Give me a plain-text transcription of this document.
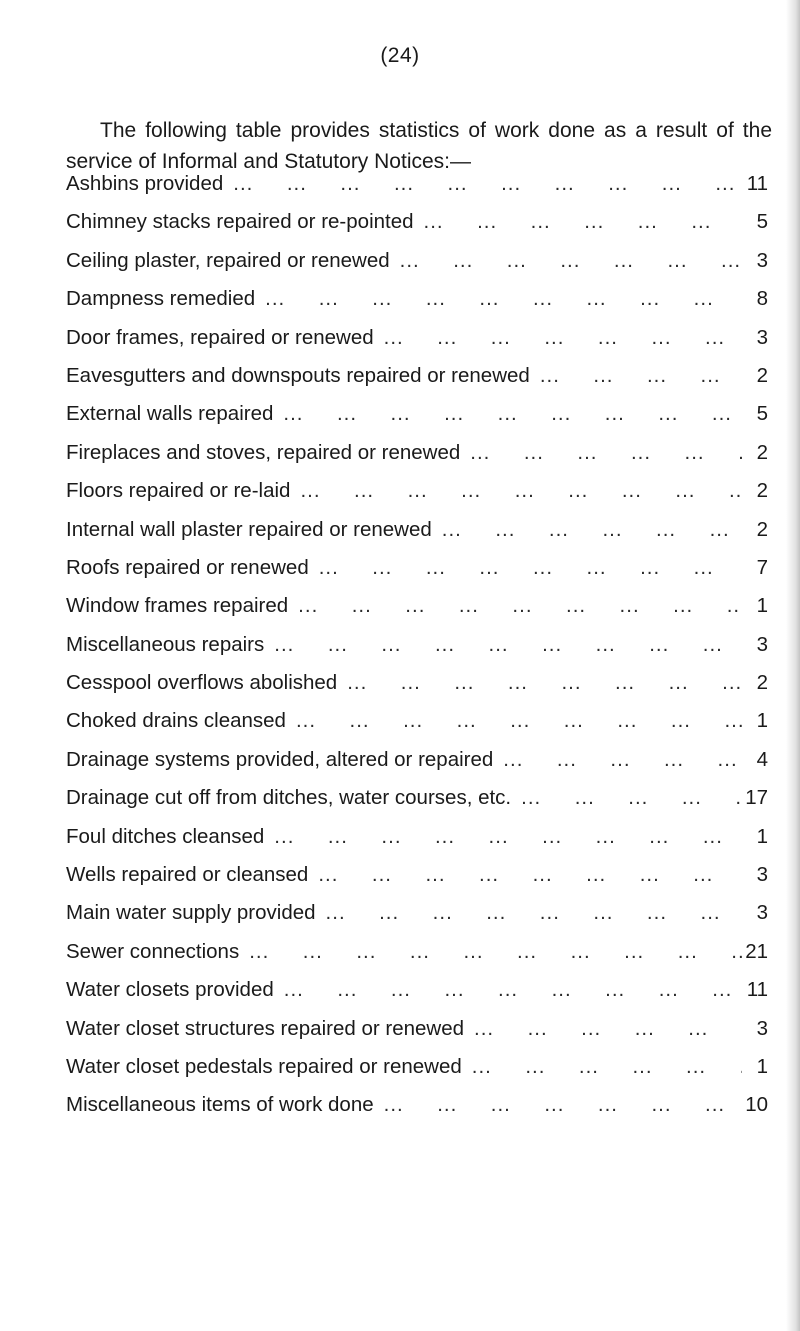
(24)
The following table provides statistics of work done as a result of the service of Informal and Statutory Notices:—
Ashbins provided ...	11
Chimney stacks repaired or re-pointed ...	5
Ceiling plaster, repaired or renewed ...	3
Dampness remedied ...	8
Door frames, repaired or renewed ...	3
Eavesgutters and downspouts repaired or renewed ...	2
External walls repaired ...	5
Fireplaces and stoves, repaired or renewed ...	2
Floors repaired or re-laid ...	2
Internal wall plaster repaired or renewed ...	2
Roofs repaired or renewed ...	7
Window frames repaired ...	1
Miscellaneous repairs ...	3
Cesspool overflows abolished ...	2
Choked drains cleansed ...	1
Drainage systems provided, altered or repaired ...	4
Drainage cut off from ditches, water courses, etc. ...	17
Foul ditches cleansed ...	1
Wells repaired or cleansed ...	3
Main water supply provided ...	3
Sewer connections ...	21
Water closets provided ...	11
Water closet structures repaired or renewed ...	3
Water closet pedestals repaired or renewed ...	1
Miscellaneous items of work done ...	10
